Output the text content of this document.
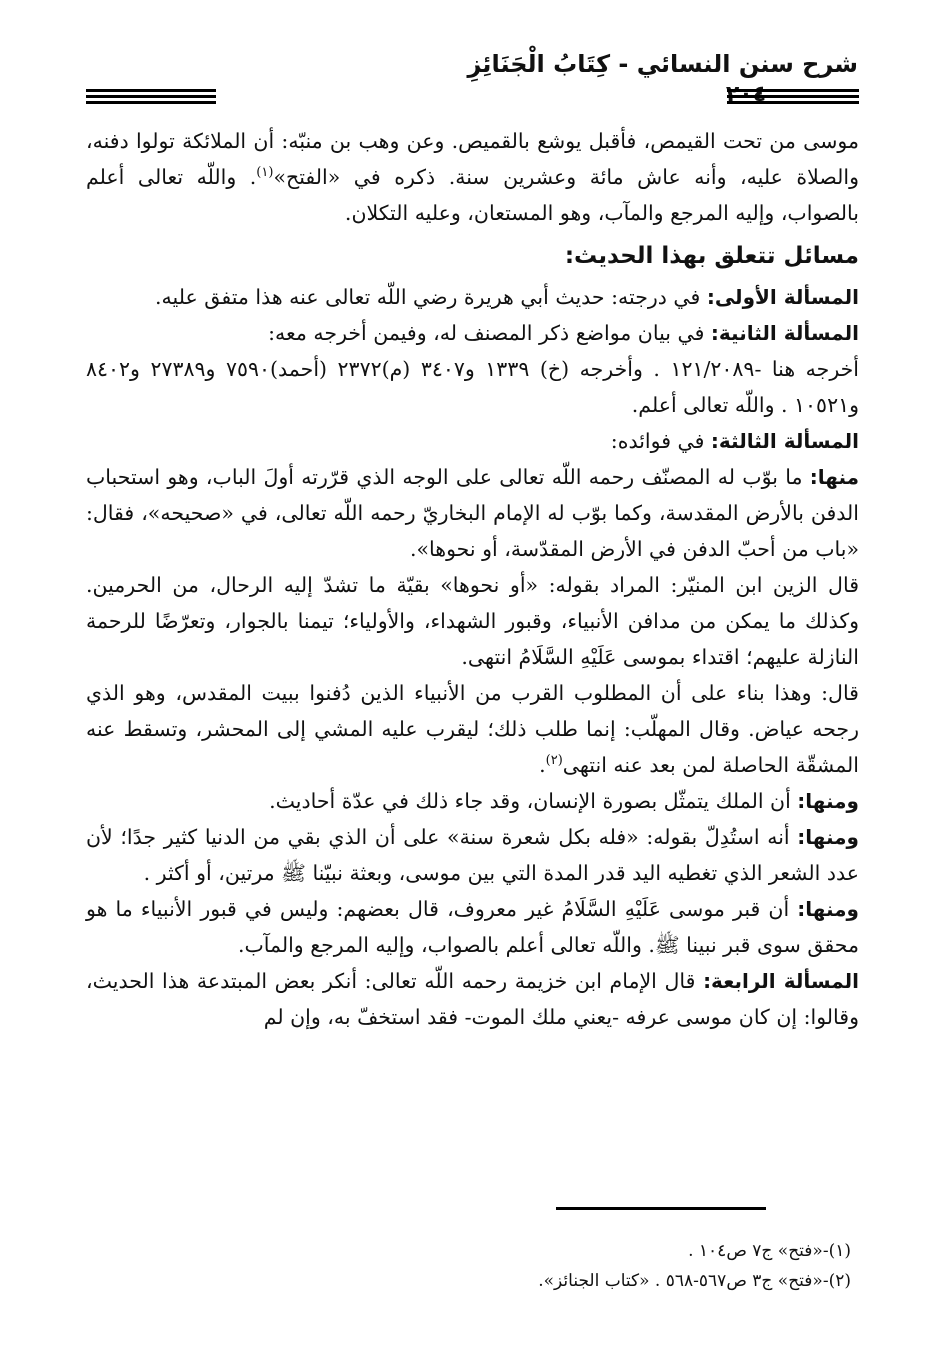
شرح سنن النسائي - كِتَابُ الْجَنَائِزِ

موسى من تحت القيمص، فأقبل يوشع بالقميص. وعن وهب بن منبّه: أن الملائكة تولوا دفنه، والصلاة عليه، وأنه عاش مائة وعشرين سنة. ذكره في «الفتح»$^{(١)}$. واللّه تعالى أعلم بالصواب، وإليه المرجع والمآب، وهو المستعان، وعليه التكلان.

مسائل تتعلق بهذا الحديث:

المسألة الأولى: في درجته: حديث أبي هريرة رضي اللّه تعالى عنه هذا متفق عليه.

المسألة الثانية: في بيان مواضع ذكر المصنف له، وفيمن أخرجه معه:

أخرجه هنا -١٢١/٢٠٨٩ . وأخرجه (خ) ١٣٣٩ و٣٤٠٧ (م)٢٣٧٢ (أحمد)٧٥٩٠ و٢٧٣٨٩ و٨٤٠٢ و١٠٥٢١ . واللّه تعالى أعلم.

المسألة الثالثة: في فوائده:

منها: ما بوّب له المصنّف رحمه اللّه تعالى على الوجه الذي قرّرته أولَ الباب، وهو استحباب الدفن بالأرض المقدسة، وكما بوّب له الإمام البخاريّ رحمه اللّه تعالى، في «صحيحه»، فقال: «باب من أحبّ الدفن في الأرض المقدّسة، أو نحوها».

قال الزين ابن المنيّر: المراد بقوله: «أو نحوها» بقيّة ما تشدّ إليه الرحال، من الحرمين. وكذلك ما يمكن من مدافن الأنبياء، وقبور الشهداء، والأولياء؛ تيمنا بالجوار، وتعرّضًا للرحمة النازلة عليهم؛ اقتداء بموسى عَلَيْهِ السَّلَامُ انتهى.

قال: وهذا بناء على أن المطلوب القرب من الأنبياء الذين دُفنوا ببيت المقدس، وهو الذي رجحه عياض. وقال المهلّب: إنما طلب ذلك؛ ليقرب عليه المشي إلى المحشر، وتسقط عنه المشقّة الحاصلة لمن بعد عنه انتهى$^{(٢)}$.

ومنها: أن الملك يتمثّل بصورة الإنسان، وقد جاء ذلك في عدّة أحاديث.

ومنها: أنه استُدِلّ بقوله: «فله بكل شعرة سنة» على أن الذي بقي من الدنيا كثير جدًا؛ لأن عدد الشعر الذي تغطيه اليد قدر المدة التي بين موسى، وبعثة نبيّنا ﷺ مرتين، أو أكثر .

ومنها: أن قبر موسى عَلَيْهِ السَّلَامُ غير معروف، قال بعضهم: وليس في قبور الأنبياء ما هو محقق سوى قبر نبينا ﷺ. واللّه تعالى أعلم بالصواب، وإليه المرجع والمآب.

المسألة الرابعة: قال الإمام ابن خزيمة رحمه اللّه تعالى: أنكر بعض المبتدعة هذا الحديث، وقالوا: إن كان موسى عرفه -يعني ملك الموت- فقد استخفّ به، وإن لم

(١)-«فتح» ج٧ ص١٠٤ .

(٢)-«فتح» ج٣ ص٥٦٧-٥٦٨ . «كتاب الجنائز».
